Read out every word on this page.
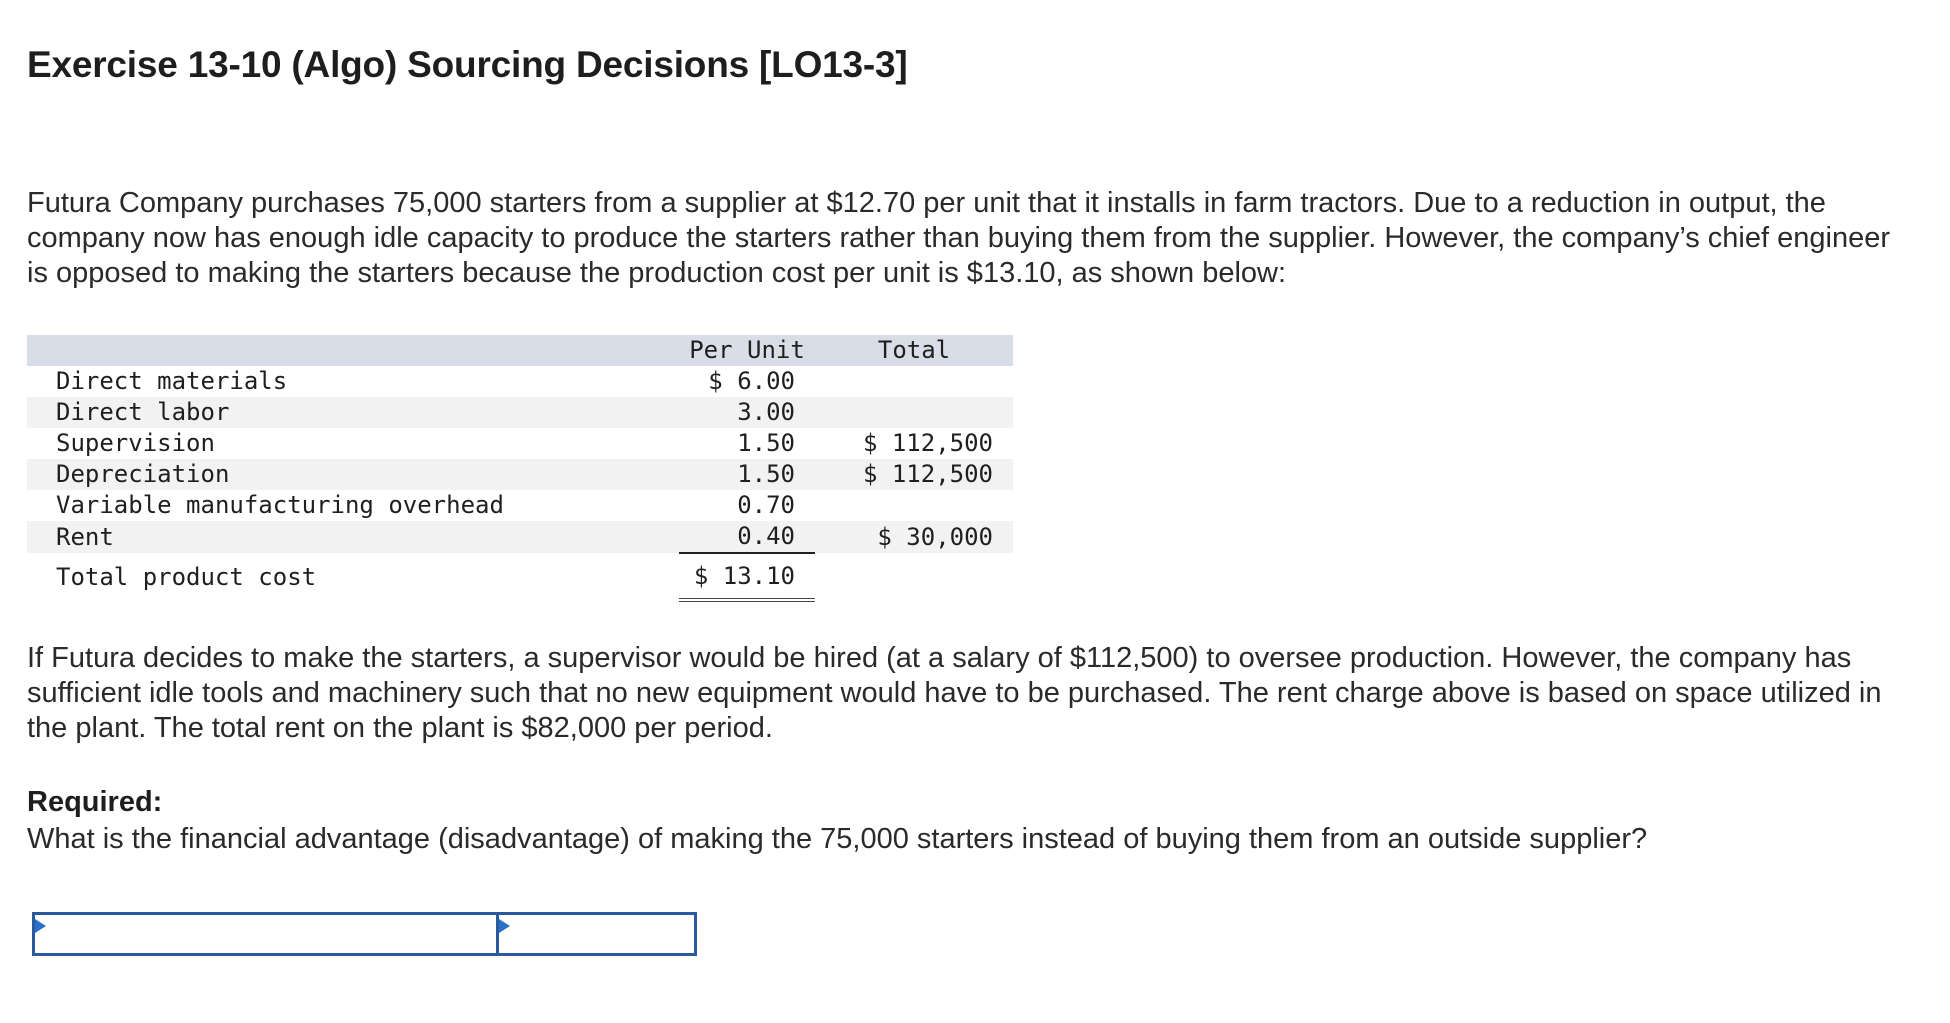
Exercise 13-10 (Algo) Sourcing Decisions [LO13-3]

Futura Company purchases 75,000 starters from a supplier at $12.70 per unit that it installs in farm tractors. Due to a reduction in output, the company now has enough idle capacity to produce the starters rather than buying them from the supplier. However, the company’s chief engineer is opposed to making the starters because the production cost per unit is $13.10, as shown below:

	Per Unit	Total
Direct materials	$ 6.00	
Direct labor	3.00	
Supervision	1.50	$ 112,500
Depreciation	1.50	$ 112,500
Variable manufacturing overhead	0.70	
Rent	0.40	$ 30,000
Total product cost	$ 13.10	

If Futura decides to make the starters, a supervisor would be hired (at a salary of $112,500) to oversee production. However, the company has sufficient idle tools and machinery such that no new equipment would have to be purchased. The rent charge above is based on space utilized in the plant. The total rent on the plant is $82,000 per period.

Required:

What is the financial advantage (disadvantage) of making the 75,000 starters instead of buying them from an outside supplier?
